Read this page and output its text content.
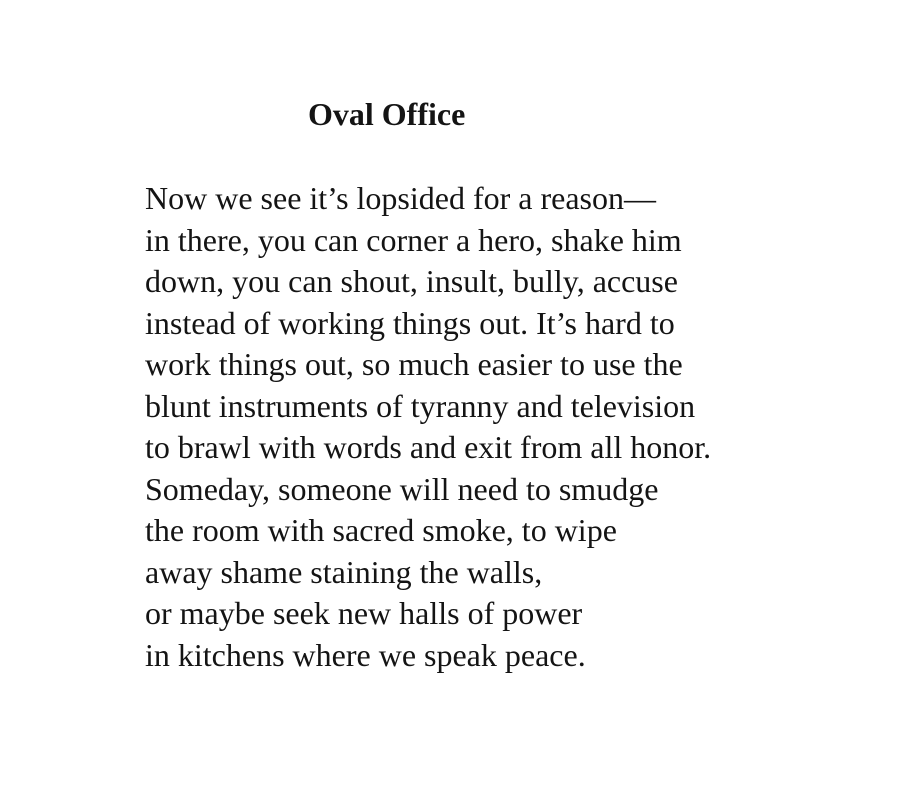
Oval Office
Now we see it’s lopsided for a reason—
in there, you can corner a hero, shake him
down, you can shout, insult, bully, accuse
instead of working things out. It’s hard to
work things out, so much easier to use the
blunt instruments of tyranny and television
to brawl with words and exit from all honor.
Someday, someone will need to smudge
the room with sacred smoke, to wipe
away shame staining the walls,
or maybe seek new halls of power
in kitchens where we speak peace.
